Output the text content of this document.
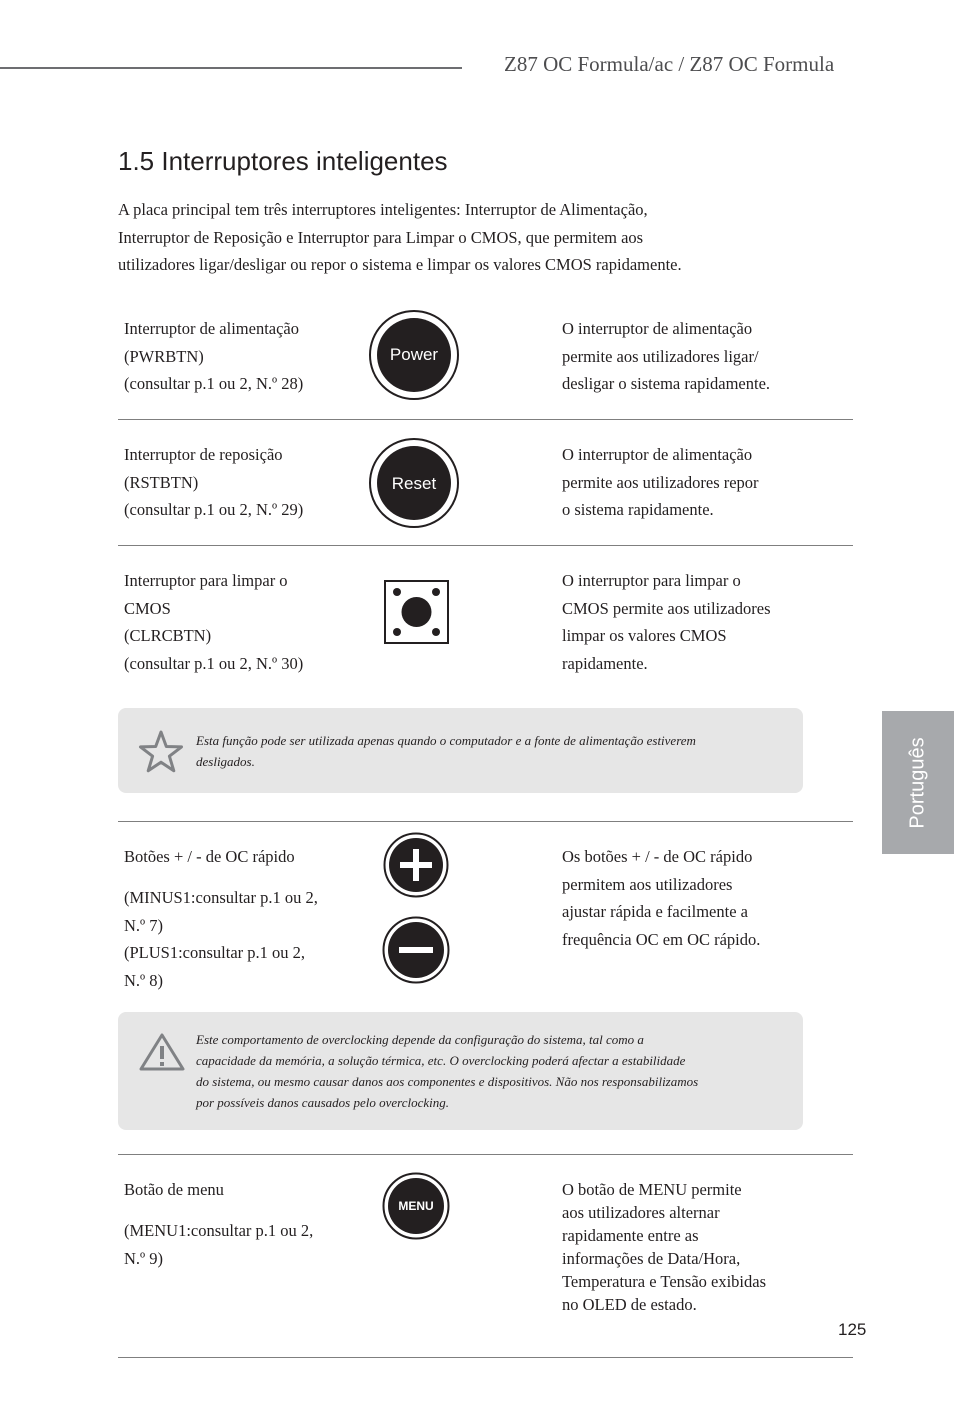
Z87 OC Formula/ac / Z87 OC Formula
1.5 Interruptores inteligentes
A placa principal tem três interruptores inteligentes: Interruptor de Alimentação,
Interruptor de Reposição e Interruptor para Limpar o CMOS, que permitem aos
utilizadores ligar/desligar ou repor o sistema e limpar os valores CMOS rapidamente.
Interruptor de alimentação
(PWRBTN)
(consultar p.1 ou 2, N.º 28)
Power
O interruptor de alimentação
permite aos utilizadores ligar/
desligar o sistema rapidamente.
Interruptor de reposição
(RSTBTN)
(consultar p.1 ou 2, N.º 29)
Reset
O interruptor de alimentação
permite aos utilizadores repor
o sistema rapidamente.
Interruptor para limpar o
CMOS
(CLRCBTN)
(consultar p.1 ou 2, N.º 30)
O interruptor para limpar o
CMOS permite aos utilizadores
limpar os valores CMOS
rapidamente.
Esta função pode ser utilizada apenas quando o computador e a fonte de alimentação estiverem
desligados.
Botões + / - de OC rápido
(MINUS1:consultar p.1 ou 2,
N.º 7)
(PLUS1:consultar p.1 ou 2,
N.º 8)
Os botões + / - de OC rápido
permitem aos utilizadores
ajustar rápida e facilmente a
frequência OC em OC rápido.
Este comportamento de overclocking depende da configuração do sistema, tal como a
capacidade da memória, a solução térmica, etc. O overclocking poderá afectar a estabilidade
do sistema, ou mesmo causar danos aos componentes e dispositivos. Não nos responsabilizamos
por possíveis danos causados pelo overclocking.
Botão de menu
(MENU1:consultar p.1 ou 2,
N.º 9)
MENU
O botão de MENU permite
aos utilizadores alternar
rapidamente entre as
informações de Data/Hora,
Temperatura e Tensão exibidas
no OLED de estado.
125
Português
